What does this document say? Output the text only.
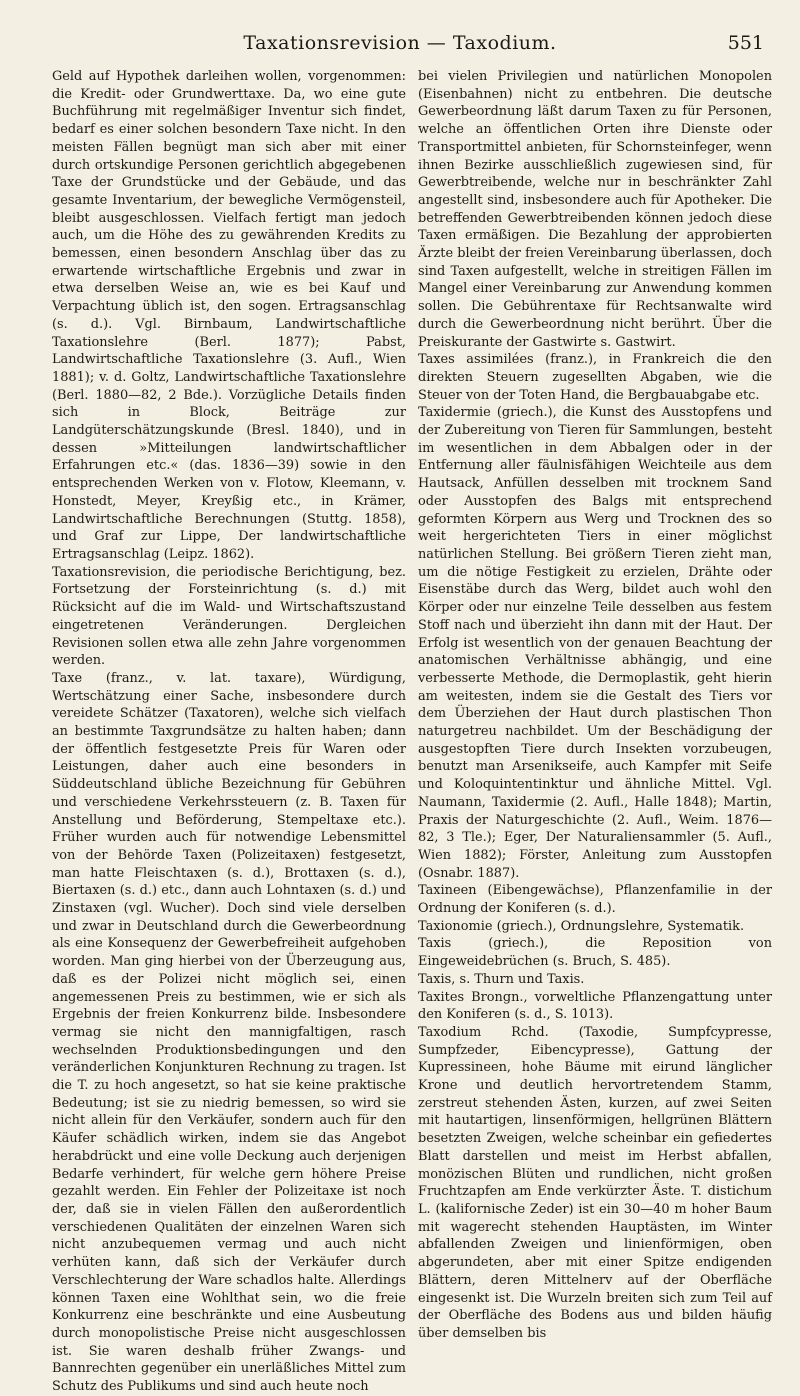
Taxationsrevision — Taxodium.	551

Geld auf Hypothek darleihen wollen, vorgenommen: die Kredit- oder Grundwerttaxe. Da, wo eine gute Buchführung mit regelmäßiger Inventur sich findet, bedarf es einer solchen besondern Taxe nicht. In den meisten Fällen begnügt man sich aber mit einer durch ortskundige Personen gerichtlich abgegebenen Taxe der Grundstücke und der Gebäude, und das gesamte Inventarium, der bewegliche Vermögensteil, bleibt ausgeschlossen. Vielfach fertigt man jedoch auch, um die Höhe des zu gewährenden Kredits zu bemessen, einen besondern Anschlag über das zu erwartende wirtschaftliche Ergebnis und zwar in etwa derselben Weise an, wie es bei Kauf und Verpachtung üblich ist, den sogen. Ertragsanschlag (s. d.). Vgl. Birnbaum, Landwirtschaftliche Taxationslehre (Berl. 1877); Pabst, Landwirtschaftliche Taxationslehre (3. Aufl., Wien 1881); v. d. Goltz, Landwirtschaftliche Taxationslehre (Berl. 1880—82, 2 Bde.). Vorzügliche Details finden sich in Block, Beiträge zur Landgüterschätzungskunde (Bresl. 1840), und in dessen »Mitteilungen landwirtschaftlicher Erfahrungen etc.« (das. 1836—39) sowie in den entsprechenden Werken von v. Flotow, Kleemann, v. Honstedt, Meyer, Kreyßig etc., in Krämer, Landwirtschaftliche Berechnungen (Stuttg. 1858), und Graf zur Lippe, Der landwirtschaftliche Ertragsanschlag (Leipz. 1862).

Taxationsrevision, die periodische Berichtigung, bez. Fortsetzung der Forsteinrichtung (s. d.) mit Rücksicht auf die im Wald- und Wirtschaftszustand eingetretenen Veränderungen. Dergleichen Revisionen sollen etwa alle zehn Jahre vorgenommen werden.

Taxe (franz., v. lat. taxare), Würdigung, Wertschätzung einer Sache, insbesondere durch vereidete Schätzer (Taxatoren), welche sich vielfach an bestimmte Taxgrundsätze zu halten haben; dann der öffentlich festgesetzte Preis für Waren oder Leistungen, daher auch eine besonders in Süddeutschland übliche Bezeichnung für Gebühren und verschiedene Verkehrssteuern (z. B. Taxen für Anstellung und Beförderung, Stempeltaxe etc.). Früher wurden auch für notwendige Lebensmittel von der Behörde Taxen (Polizeitaxen) festgesetzt, man hatte Fleischtaxen (s. d.), Brottaxen (s. d.), Biertaxen (s. d.) etc., dann auch Lohntaxen (s. d.) und Zinstaxen (vgl. Wucher). Doch sind viele derselben und zwar in Deutschland durch die Gewerbeordnung als eine Konsequenz der Gewerbefreiheit aufgehoben worden. Man ging hierbei von der Überzeugung aus, daß es der Polizei nicht möglich sei, einen angemessenen Preis zu bestimmen, wie er sich als Ergebnis der freien Konkurrenz bilde. Insbesondere vermag sie nicht den mannigfaltigen, rasch wechselnden Produktionsbedingungen und den veränderlichen Konjunkturen Rechnung zu tragen. Ist die T. zu hoch angesetzt, so hat sie keine praktische Bedeutung; ist sie zu niedrig bemessen, so wird sie nicht allein für den Verkäufer, sondern auch für den Käufer schädlich wirken, indem sie das Angebot herabdrückt und eine volle Deckung auch derjenigen Bedarfe verhindert, für welche gern höhere Preise gezahlt werden. Ein Fehler der Polizeitaxe ist noch der, daß sie in vielen Fällen den außerordentlich verschiedenen Qualitäten der einzelnen Waren sich nicht anzubequemen vermag und auch nicht verhüten kann, daß sich der Verkäufer durch Verschlechterung der Ware schadlos halte. Allerdings können Taxen eine Wohlthat sein, wo die freie Konkurrenz eine beschränkte und eine Ausbeutung durch monopolistische Preise nicht ausgeschlossen ist. Sie waren deshalb früher Zwangs- und Bannrechten gegenüber ein unerläßliches Mittel zum Schutz des Publikums und sind auch heute noch

bei vielen Privilegien und natürlichen Monopolen (Eisenbahnen) nicht zu entbehren. Die deutsche Gewerbeordnung läßt darum Taxen zu für Personen, welche an öffentlichen Orten ihre Dienste oder Transportmittel anbieten, für Schornsteinfeger, wenn ihnen Bezirke ausschließlich zugewiesen sind, für Gewerbtreibende, welche nur in beschränkter Zahl angestellt sind, insbesondere auch für Apotheker. Die betreffenden Gewerbtreibenden können jedoch diese Taxen ermäßigen. Die Bezahlung der approbierten Ärzte bleibt der freien Vereinbarung überlassen, doch sind Taxen aufgestellt, welche in streitigen Fällen im Mangel einer Vereinbarung zur Anwendung kommen sollen. Die Gebührentaxe für Rechtsanwalte wird durch die Gewerbeordnung nicht berührt. Über die Preiskurante der Gastwirte s. Gastwirt.

Taxes assimilées (franz.), in Frankreich die den direkten Steuern zugesellten Abgaben, wie die Steuer von der Toten Hand, die Bergbauabgabe etc.

Taxidermie (griech.), die Kunst des Ausstopfens und der Zubereitung von Tieren für Sammlungen, besteht im wesentlichen in dem Abbalgen oder in der Entfernung aller fäulnisfähigen Weichteile aus dem Hautsack, Anfüllen desselben mit trocknem Sand oder Ausstopfen des Balgs mit entsprechend geformten Körpern aus Werg und Trocknen des so weit hergerichteten Tiers in einer möglichst natürlichen Stellung. Bei größern Tieren zieht man, um die nötige Festigkeit zu erzielen, Drähte oder Eisenstäbe durch das Werg, bildet auch wohl den Körper oder nur einzelne Teile desselben aus festem Stoff nach und überzieht ihn dann mit der Haut. Der Erfolg ist wesentlich von der genauen Beachtung der anatomischen Verhältnisse abhängig, und eine verbesserte Methode, die Dermoplastik, geht hierin am weitesten, indem sie die Gestalt des Tiers vor dem Überziehen der Haut durch plastischen Thon naturgetreu nachbildet. Um der Beschädigung der ausgestopften Tiere durch Insekten vorzubeugen, benutzt man Arsenikseife, auch Kampfer mit Seife und Koloquintentinktur und ähnliche Mittel. Vgl. Naumann, Taxidermie (2. Aufl., Halle 1848); Martin, Praxis der Naturgeschichte (2. Aufl., Weim. 1876—82, 3 Tle.); Eger, Der Naturaliensammler (5. Aufl., Wien 1882); Förster, Anleitung zum Ausstopfen (Osnabr. 1887).

Taxineen (Eibengewächse), Pflanzenfamilie in der Ordnung der Koniferen (s. d.).

Taxionomie (griech.), Ordnungslehre, Systematik.

Taxis (griech.), die Reposition von Eingeweidebrüchen (s. Bruch, S. 485).

Taxis, s. Thurn und Taxis.

Taxites Brongn., vorweltliche Pflanzengattung unter den Koniferen (s. d., S. 1013).

Taxodium Rchd. (Taxodie, Sumpfcypresse, Sumpfzeder, Eibencypresse), Gattung der Kupressineen, hohe Bäume mit eirund länglicher Krone und deutlich hervortretendem Stamm, zerstreut stehenden Ästen, kurzen, auf zwei Seiten mit hautartigen, linsenförmigen, hellgrünen Blättern besetzten Zweigen, welche scheinbar ein gefiedertes Blatt darstellen und meist im Herbst abfallen, monözischen Blüten und rundlichen, nicht großen Fruchtzapfen am Ende verkürzter Äste. T. distichum L. (kalifornische Zeder) ist ein 30—40 m hoher Baum mit wagerecht stehenden Hauptästen, im Winter abfallenden Zweigen und linienförmigen, oben abgerundeten, aber mit einer Spitze endigenden Blättern, deren Mittelnerv auf der Oberfläche eingesenkt ist. Die Wurzeln breiten sich zum Teil auf der Oberfläche des Bodens aus und bilden häufig über demselben bis
